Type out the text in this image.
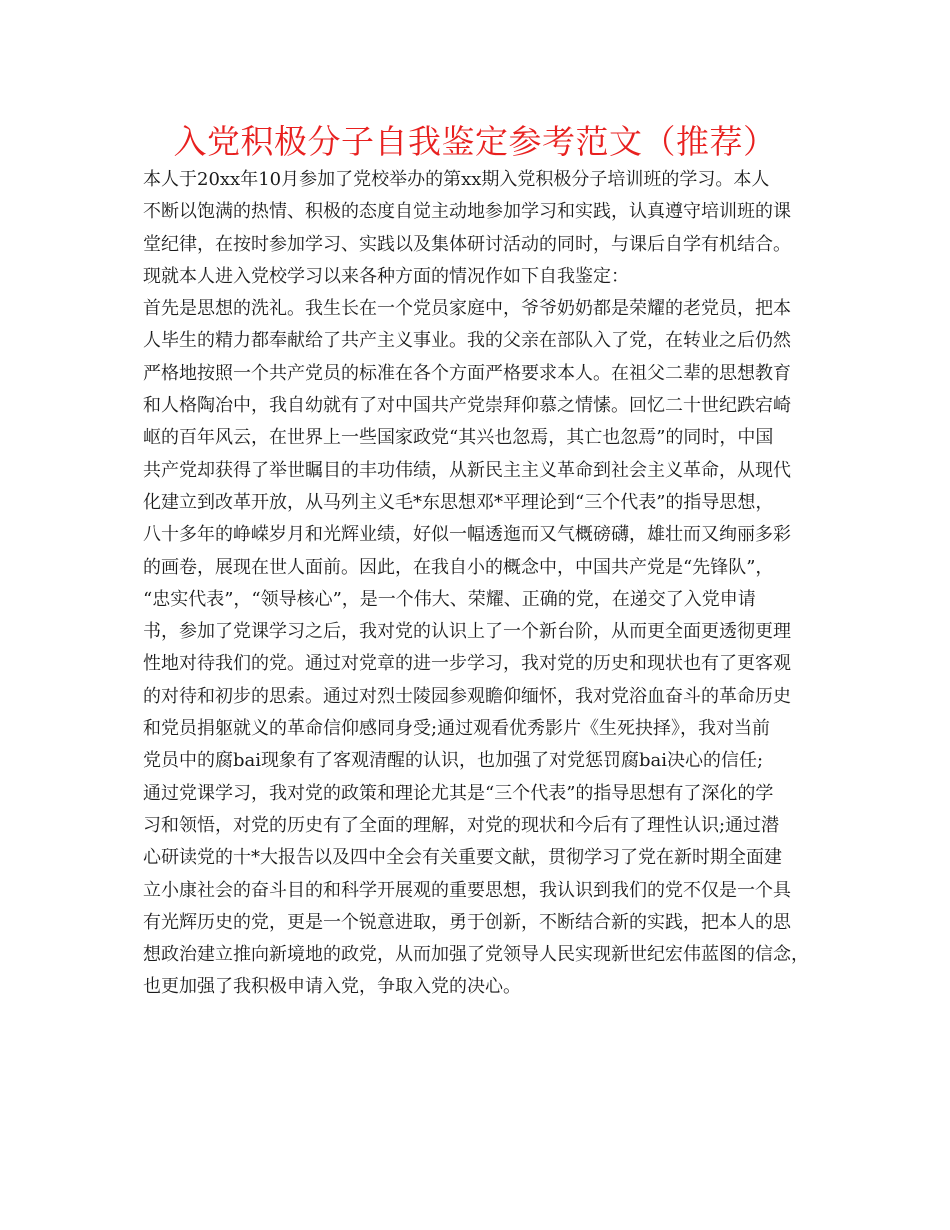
入党积极分子自我鉴定参考范文（推荐）
本人于20xx年10月参加了党校举办的第xx期入党积极分子培训班的学习。本人
不断以饱满的热情、积极的态度自觉主动地参加学习和实践，认真遵守培训班的课
堂纪律，在按时参加学习、实践以及集体研讨活动的同时，与课后自学有机结合。
现就本人进入党校学习以来各种方面的情况作如下自我鉴定：
首先是思想的洗礼。我生长在一个党员家庭中，爷爷奶奶都是荣耀的老党员，把本
人毕生的精力都奉献给了共产主义事业。我的父亲在部队入了党，在转业之后仍然
严格地按照一个共产党员的标准在各个方面严格要求本人。在祖父二辈的思想教育
和人格陶冶中，我自幼就有了对中国共产党崇拜仰慕之情愫。回忆二十世纪跌宕崎
岖的百年风云，在世界上一些国家政党“其兴也忽焉，其亡也忽焉”的同时，中国
共产党却获得了举世瞩目的丰功伟绩，从新民主主义革命到社会主义革命，从现代
化建立到改革开放，从马列主义毛*东思想邓*平理论到“三个代表”的指导思想，
八十多年的峥嵘岁月和光辉业绩，好似一幅透迤而又气概磅礴，雄壮而又绚丽多彩
的画卷，展现在世人面前。因此，在我自小的概念中，中国共产党是“先锋队”，
“忠实代表”，“领导核心”，是一个伟大、荣耀、正确的党，在递交了入党申请
书，参加了党课学习之后，我对党的认识上了一个新台阶，从而更全面更透彻更理
性地对待我们的党。通过对党章的进一步学习，我对党的历史和现状也有了更客观
的对待和初步的思索。通过对烈士陵园参观瞻仰缅怀，我对党浴血奋斗的革命历史
和党员捐躯就义的革命信仰感同身受;通过观看优秀影片《生死抉择》，我对当前
党员中的腐bai现象有了客观清醒的认识，也加强了对党惩罚腐bai决心的信任;
通过党课学习，我对党的政策和理论尤其是“三个代表”的指导思想有了深化的学
习和领悟，对党的历史有了全面的理解，对党的现状和今后有了理性认识;通过潜
心研读党的十*大报告以及四中全会有关重要文献，贯彻学习了党在新时期全面建
立小康社会的奋斗目的和科学开展观的重要思想，我认识到我们的党不仅是一个具
有光辉历史的党，更是一个锐意进取，勇于创新，不断结合新的实践，把本人的思
想政治建立推向新境地的政党，从而加强了党领导人民实现新世纪宏伟蓝图的信念，
也更加强了我积极申请入党，争取入党的决心。
